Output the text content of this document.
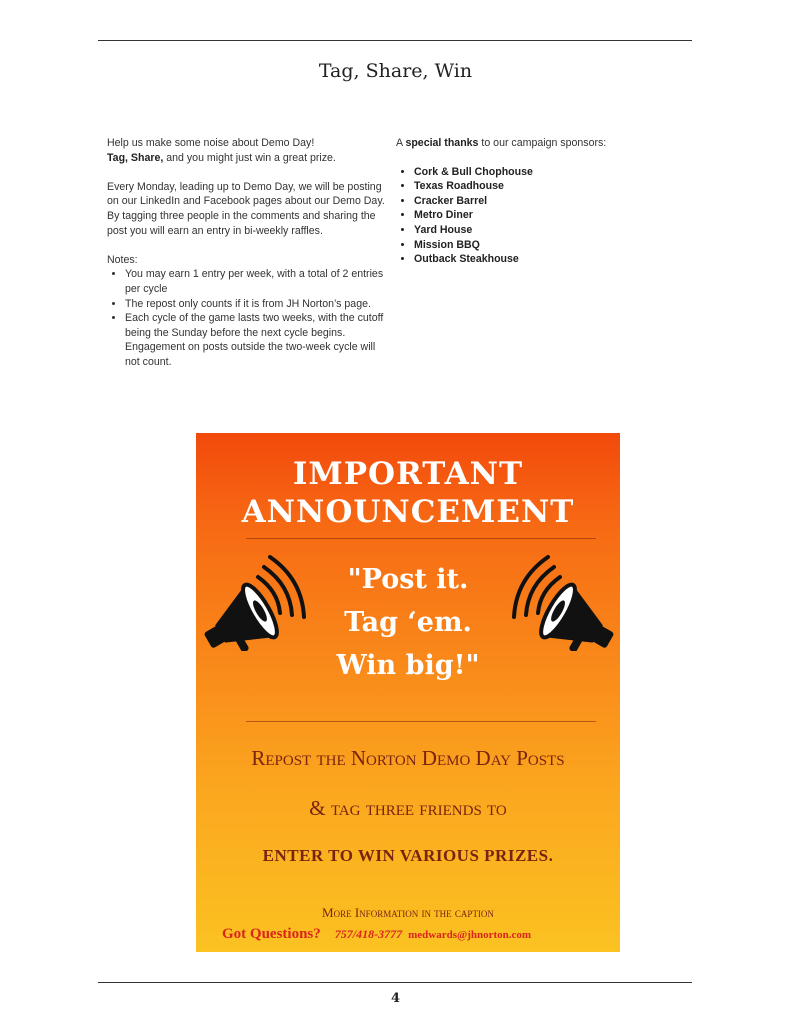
Tag, Share, Win

Help us make some noise about Demo Day!
Tag, Share, and you might just win a great prize.

Every Monday, leading up to Demo Day, we will be posting on our LinkedIn and Facebook pages about our Demo Day. By tagging three people in the comments and sharing the post you will earn an entry in bi-weekly raffles.

Notes:

• You may earn 1 entry per week, with a total of 2 entries per cycle
• The repost only counts if it is from JH Norton’s page.
• Each cycle of the game lasts two weeks, with the cutoff being the Sunday before the next cycle begins. Engagement on posts outside the two-week cycle will not count.

A special thanks to our campaign sponsors:

• Cork & Bull Chophouse
• Texas Roadhouse
• Cracker Barrel
• Metro Diner
• Yard House
• Mission BBQ
• Outback Steakhouse
IMPORTANT
ANNOUNCEMENT
"Post it.
Tag ‘em.
Win big!"
Repost the Norton Demo Day Posts
& tag three friends to
ENTER TO WIN VARIOUS PRIZES.
More Information in the caption
Got Questions? 757/418-3777 medwards@jhnorton.com
4
